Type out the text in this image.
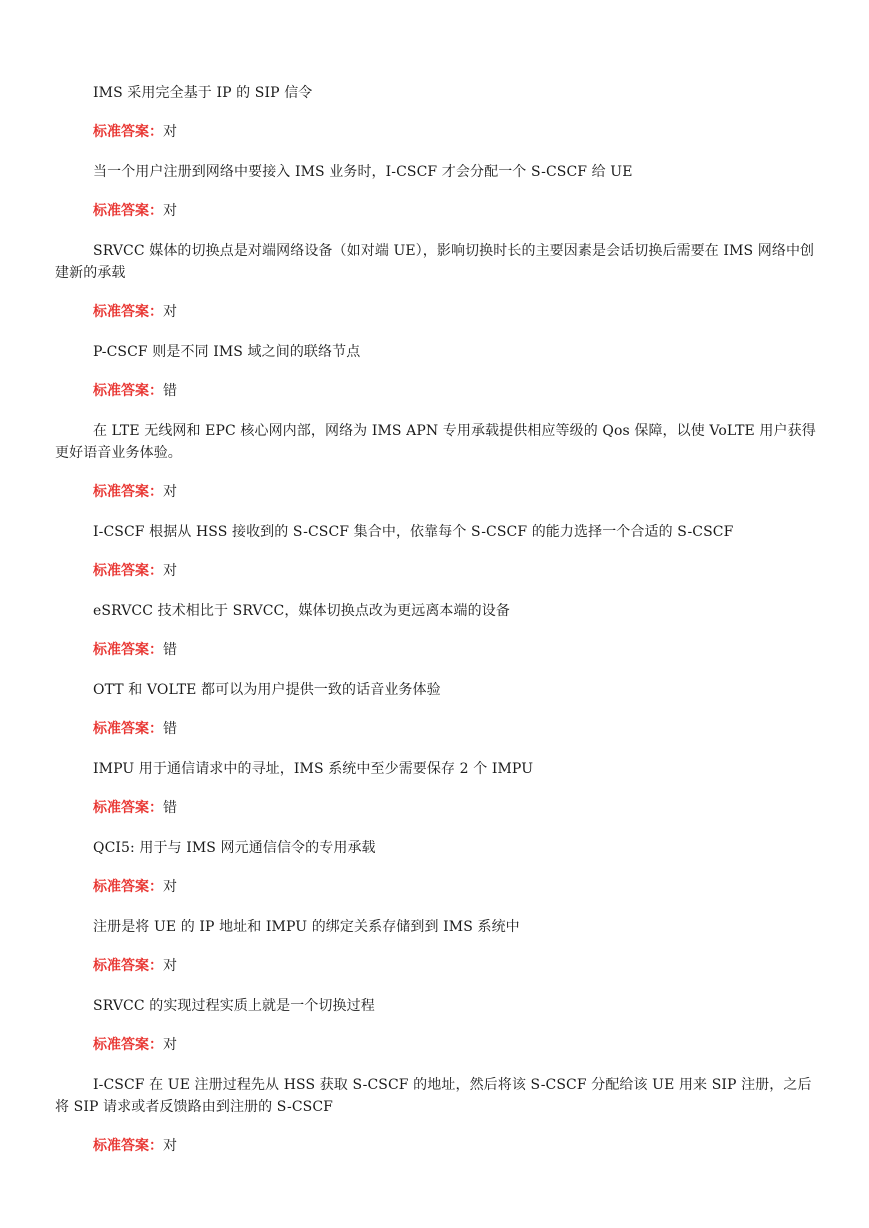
IMS 采用完全基于 IP 的 SIP 信令

标准答案：对

当一个用户注册到网络中要接入 IMS 业务时，I-CSCF 才会分配一个 S-CSCF 给 UE

标准答案：对

SRVCC 媒体的切换点是对端网络设备（如对端 UE），影响切换时长的主要因素是会话切换后需要在 IMS 网络中创建新的承载

标准答案：对

P-CSCF 则是不同 IMS 域之间的联络节点

标准答案：错

在 LTE 无线网和 EPC 核心网内部，网络为 IMS APN 专用承载提供相应等级的 Qos 保障，以使 VoLTE 用户获得更好语音业务体验。

标准答案：对

I-CSCF 根据从 HSS 接收到的 S-CSCF 集合中，依靠每个 S-CSCF 的能力选择一个合适的 S-CSCF

标准答案：对

eSRVCC 技术相比于 SRVCC，媒体切换点改为更远离本端的设备

标准答案：错

OTT 和 VOLTE 都可以为用户提供一致的话音业务体验

标准答案：错

IMPU 用于通信请求中的寻址，IMS 系统中至少需要保存 2 个 IMPU

标准答案：错

QCI5: 用于与 IMS 网元通信信令的专用承载

标准答案：对

注册是将 UE 的 IP 地址和 IMPU 的绑定关系存储到到 IMS 系统中

标准答案：对

SRVCC 的实现过程实质上就是一个切换过程

标准答案：对

I-CSCF 在 UE 注册过程先从 HSS 获取 S-CSCF 的地址，然后将该 S-CSCF 分配给该 UE 用来 SIP 注册，之后将 SIP 请求或者反馈路由到注册的 S-CSCF

标准答案：对
